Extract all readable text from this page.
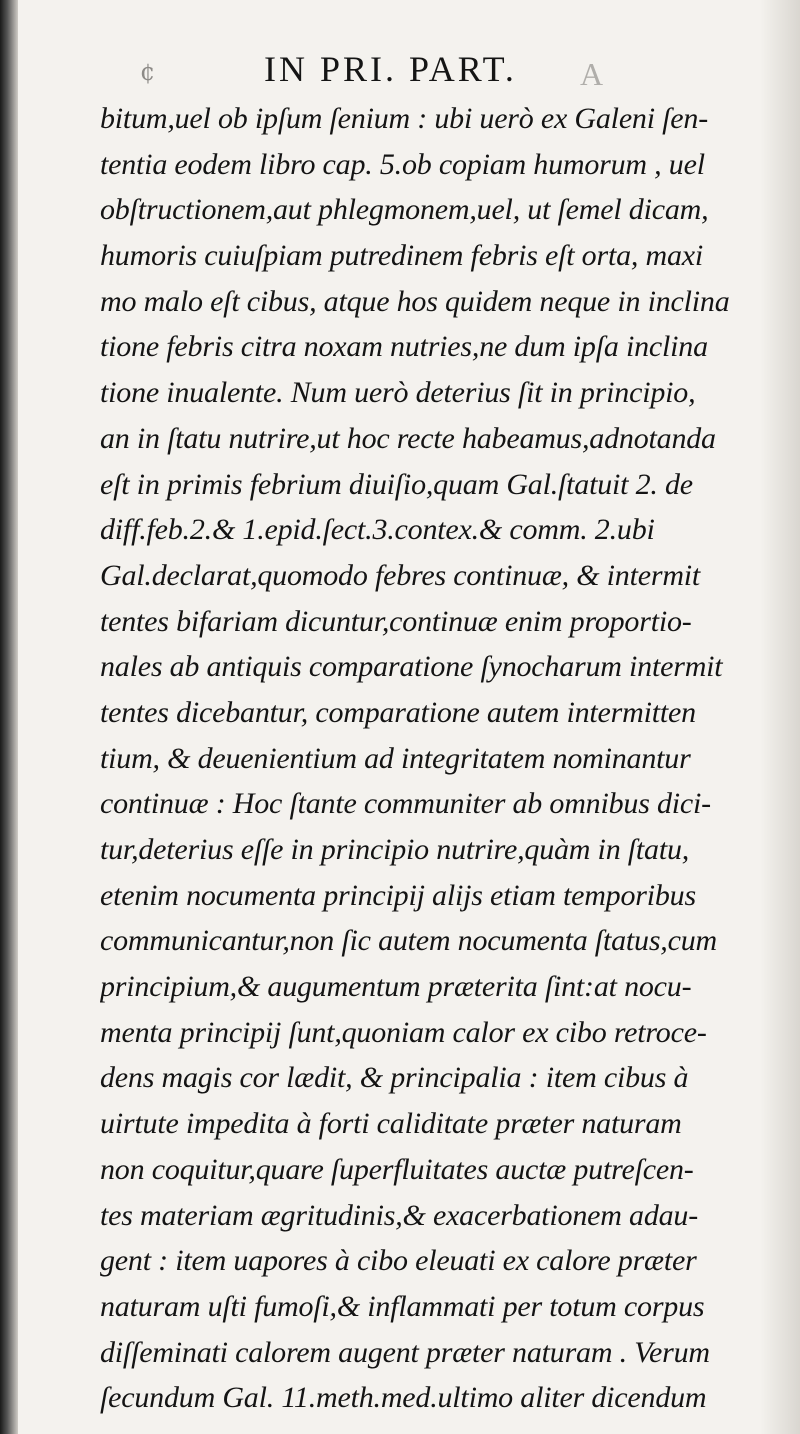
¢	IN PRI. PART. A
bitum,uel ob ipſum ſenium : ubi uerò ex Galeni ſen-
tentia eodem libro cap. 5.ob copiam humorum , uel
obſtructionem,aut phlegmonem,uel, ut ſemel dicam,
humoris cuiuſpiam putredinem febris eſt orta, maxi
mo malo eſt cibus, atque hos quidem neque in inclina
tione febris citra noxam nutries,ne dum ipſa inclina
tione inualente. Num uerò deterius ſit in principio,
an in ſtatu nutrire,ut hoc recte habeamus,adnotanda
eſt in primis febrium diuiſio,quam Gal.ſtatuit 2. de
diff.feb.2.& 1.epid.ſect.3.contex.& comm. 2.ubi
Gal.declarat,quomodo febres continuæ, & intermit
tentes bifariam dicuntur,continuæ enim proportio-
nales ab antiquis comparatione ſynocharum intermit
tentes dicebantur, comparatione autem intermitten
tium, & deuenientium ad integritatem nominantur
continuæ : Hoc ſtante communiter ab omnibus dici-
tur,deterius eſſe in principio nutrire,quàm in ſtatu,
etenim nocumenta principij alijs etiam temporibus
communicantur,non ſic autem nocumenta ſtatus,cum
principium,& augumentum præterita ſint:at nocu-
menta principij ſunt,quoniam calor ex cibo retroce-
dens magis cor lædit, & principalia : item cibus à
uirtute impedita à forti caliditate præter naturam
non coquitur,quare ſuperfluitates auctæ putreſcen-
tes materiam ægritudinis,& exacerbationem adau-
gent : item uapores à cibo eleuati ex calore præter
naturam uſti fumoſi,& inflammati per totum corpus
diſſeminati calorem augent præter naturam . Verum
ſecundum Gal. 11.meth.med.ultimo aliter dicendum
